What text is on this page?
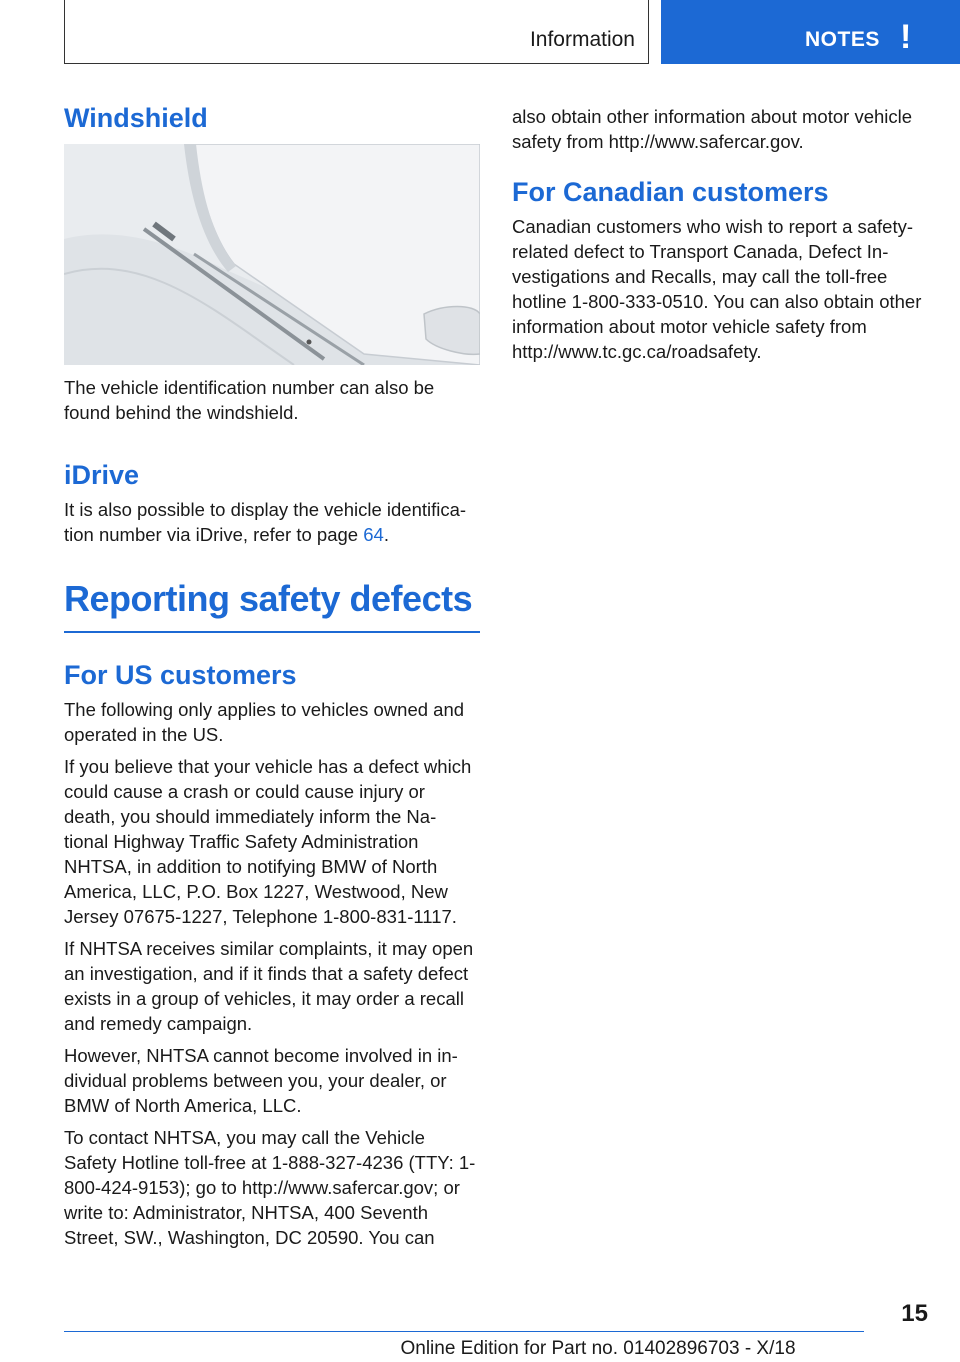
Information	NOTES !
Windshield

The vehicle identification number can also be found behind the windshield.

iDrive

It is also possible to display the vehicle identifica-tion number via iDrive, refer to page 64.

Reporting safety defects
For US customers

The following only applies to vehicles owned and operated in the US.

If you believe that your vehicle has a defect which could cause a crash or could cause injury or death, you should immediately inform the Na-tional Highway Traffic Safety Administration NHTSA, in addition to notifying BMW of North America, LLC, P.O. Box 1227, Westwood, New Jersey 07675-1227, Telephone 1-800-831-1117.

If NHTSA receives similar complaints, it may open an investigation, and if it finds that a safety defect exists in a group of vehicles, it may order a recall and remedy campaign.

However, NHTSA cannot become involved in in-dividual problems between you, your dealer, or BMW of North America, LLC.

To contact NHTSA, you may call the Vehicle Safety Hotline toll-free at 1-888-327-4236 (TTY: 1-800-424-9153); go to http://www.safercar.gov; or write to: Administrator, NHTSA, 400 Seventh Street, SW., Washington, DC 20590. You can

also obtain other information about motor vehicle safety from http://www.safercar.gov.

For Canadian customers

Canadian customers who wish to report a safety-related defect to Transport Canada, Defect In-vestigations and Recalls, may call the toll-free hotline 1-800-333-0510. You can also obtain other information about motor vehicle safety from http://www.tc.gc.ca/roadsafety.

15
Online Edition for Part no. 01402896703 - X/18
